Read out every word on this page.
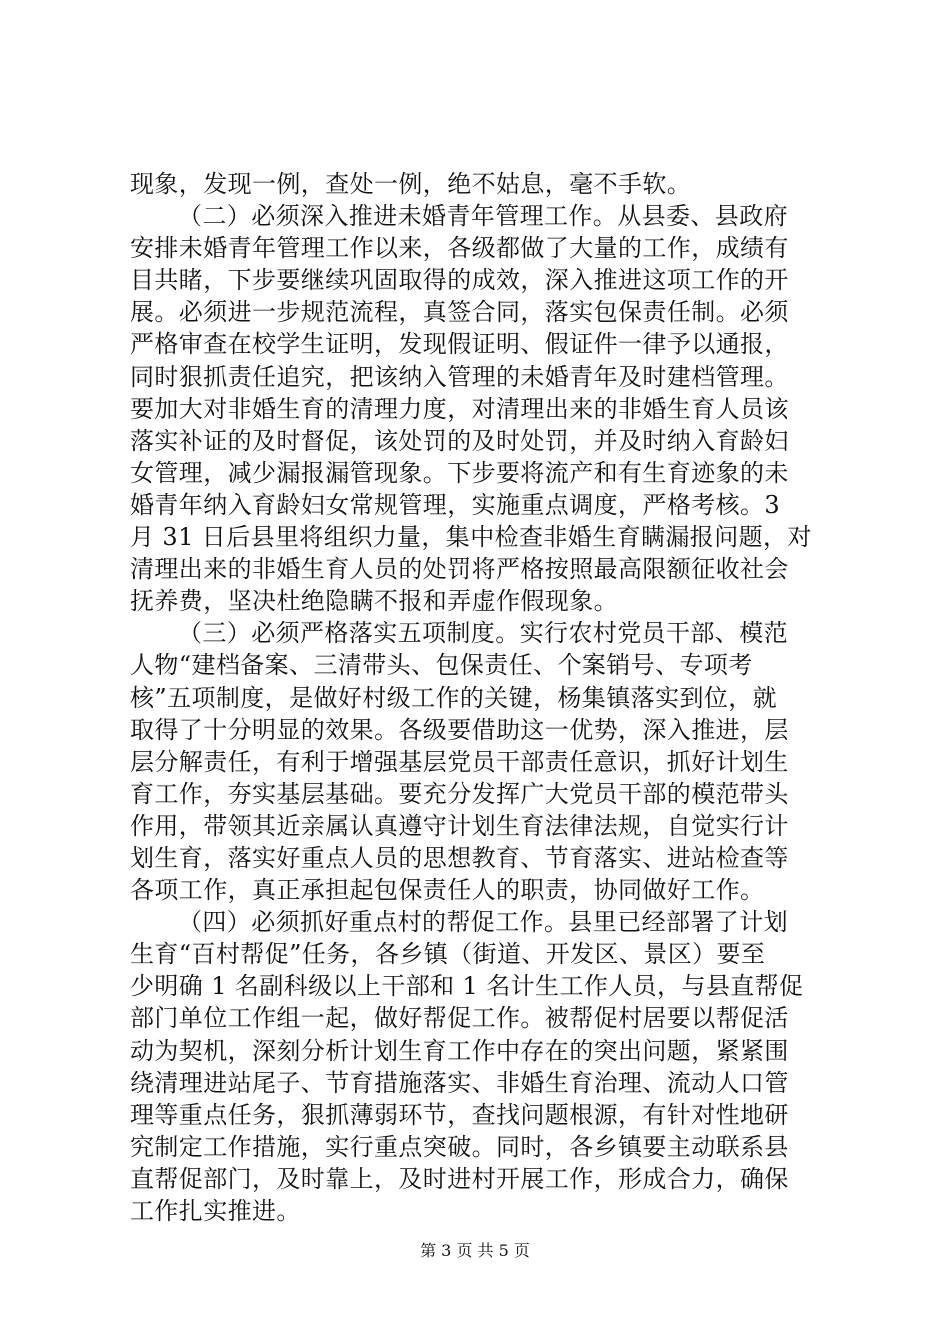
现象，发现一例，查处一例，绝不姑息，毫不手软。
（二）必须深入推进未婚青年管理工作。从县委、县政府
安排未婚青年管理工作以来，各级都做了大量的工作，成绩有
目共睹，下步要继续巩固取得的成效，深入推进这项工作的开
展。必须进一步规范流程，真签合同，落实包保责任制。必须
严格审查在校学生证明，发现假证明、假证件一律予以通报，
同时狠抓责任追究，把该纳入管理的未婚青年及时建档管理。
要加大对非婚生育的清理力度，对清理出来的非婚生育人员该
落实补证的及时督促，该处罚的及时处罚，并及时纳入育龄妇
女管理，减少漏报漏管现象。下步要将流产和有生育迹象的未
婚青年纳入育龄妇女常规管理，实施重点调度，严格考核。3
月 31 日后县里将组织力量，集中检查非婚生育瞒漏报问题，对
清理出来的非婚生育人员的处罚将严格按照最高限额征收社会
抚养费，坚决杜绝隐瞒不报和弄虚作假现象。
（三）必须严格落实五项制度。实行农村党员干部、模范
人物“建档备案、三清带头、包保责任、个案销号、专项考
核”五项制度，是做好村级工作的关键，杨集镇落实到位，就
取得了十分明显的效果。各级要借助这一优势，深入推进，层
层分解责任，有利于增强基层党员干部责任意识，抓好计划生
育工作，夯实基层基础。要充分发挥广大党员干部的模范带头
作用，带领其近亲属认真遵守计划生育法律法规，自觉实行计
划生育，落实好重点人员的思想教育、节育落实、进站检查等
各项工作，真正承担起包保责任人的职责，协同做好工作。
（四）必须抓好重点村的帮促工作。县里已经部署了计划
生育“百村帮促”任务，各乡镇（街道、开发区、景区）要至
少明确 1 名副科级以上干部和 1 名计生工作人员，与县直帮促
部门单位工作组一起，做好帮促工作。被帮促村居要以帮促活
动为契机，深刻分析计划生育工作中存在的突出问题，紧紧围
绕清理进站尾子、节育措施落实、非婚生育治理、流动人口管
理等重点任务，狠抓薄弱环节，查找问题根源，有针对性地研
究制定工作措施，实行重点突破。同时，各乡镇要主动联系县
直帮促部门，及时靠上，及时进村开展工作，形成合力，确保
工作扎实推进。
第 3 页 共 5 页
